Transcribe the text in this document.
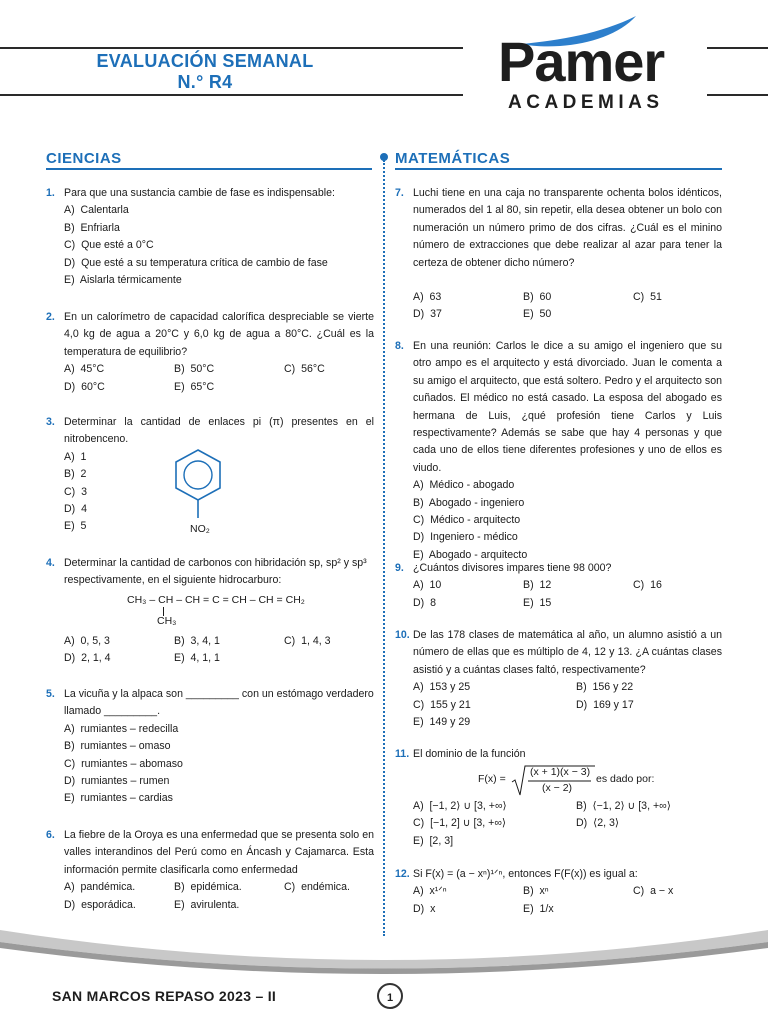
EVALUACIÓN SEMANAL
N.° R4	Pamer
ACADEMIAS
CIENCIAS	MATEMÁTICAS
1. Para que una sustancia cambie de fase es indispensable:
A)  Calentarla
B)  Enfriarla
C)  Que esté a 0°C
D)  Que esté a su temperatura crítica de cambio de fase
E)  Aislarla térmicamente
2. En un calorímetro de capacidad calorífica despreciable se vierte 4,0 kg de agua a 20°C y 6,0 kg de agua a 80°C. ¿Cuál es la temperatura de equilibrio?
A)  45°C	B)  50°C	C)  56°C
D)  60°C	E)  65°C
3. Determinar la cantidad de enlaces pi (π) presentes en el nitrobenceno.
A)  1
B)  2
C)  3
D)  4
E)  5	NO₂
4. Determinar la cantidad de carbonos con hibridación sp, sp² y sp³ respectivamente, en el siguiente hidrocarburo:
CH₃ – CH – CH = C = CH – CH = CH₂
CH₃
A)  0, 5, 3	B)  3, 4, 1	C)  1, 4, 3
D)  2, 1, 4	E)  4, 1, 1
5. La vicuña y la alpaca son _________ con un estómago verdadero llamado _________.
A)  rumiantes – redecilla
B)  rumiantes – omaso
C)  rumiantes – abomaso
D)  rumiantes – rumen
E)  rumiantes – cardias
6. La fiebre de la Oroya es una enfermedad que se presenta solo en valles interandinos del Perú como en Áncash y Cajamarca. Esta información permite clasificarla como enfermedad
A)  pandémica.	B)  epidémica.	C)  endémica.
D)  esporádica.	E)  avirulenta.
7. Luchi tiene en una caja no transparente ochenta bolos idénticos, numerados del 1 al 80, sin repetir, ella desea obtener un bolo con numeración un número primo de dos cifras. ¿Cuál es el minino número de extracciones que debe realizar al azar para tener la certeza de obtener dicho número?
A)  63	B)  60	C)  51
D)  37	E)  50
8. En una reunión: Carlos le dice a su amigo el ingeniero que su otro ampo es el arquitecto y está divorciado. Juan le comenta a su amigo el arquitecto, que está soltero. Pedro y el arquitecto son cuñados. El médico no está casado. La esposa del abogado es hermana de Luis, ¿qué profesión tiene Carlos y Luis respectivamente? Además se sabe que hay 4 personas y que cada uno de ellos tiene diferentes profesiones y uno de ellos es viudo.
A)  Médico - abogado
B)  Abogado - ingeniero
C)  Médico - arquitecto
D)  Ingeniero - médico
E)  Abogado - arquitecto
9. ¿Cuántos divisores impares tiene 98 000?
A)  10	B)  12	C)  16
D)  8	E)  15
10. De las 178 clases de matemática al año, un alumno asistió a un número de ellas que es múltiplo de 4, 12 y 13. ¿A cuántas clases asistió y a cuántas clases faltó, respectivamente?
A)  153 y 25	B)  156 y 22
C)  155 y 21	D)  169 y 17
E)  149 y 29
11. El dominio de la función
F(x) =
(x + 1)(x − 3)
(x − 2)
es dado por:
A)  [−1, 2⟩ ∪ [3, +∞⟩	B)  ⟨−1, 2⟩ ∪ [3, +∞⟩
C)  [−1, 2] ∪ [3, +∞⟩	D)  ⟨2, 3⟩
E)  [2, 3]
12. Si F(x) = (a − xⁿ)¹ᐟⁿ, entonces F(F(x)) es igual a:
A)  x¹ᐟⁿ	B)  xⁿ	C)  a − x
D)  x	E)  1/x
SAN MARCOS REPASO 2023 – II	1
